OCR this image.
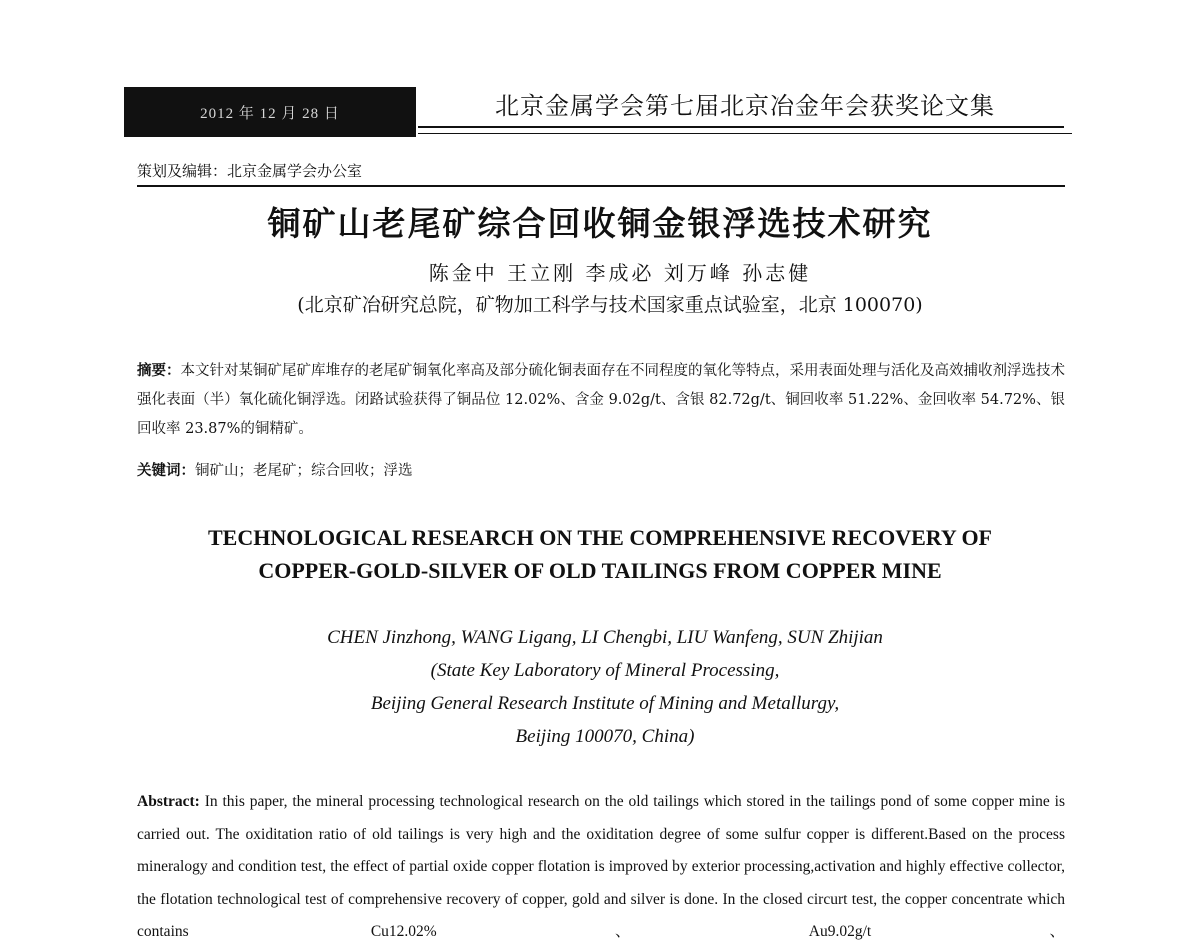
2012 年 12 月 28 日	北京金属学会第七届北京冶金年会获奖论文集
策划及编辑：北京金属学会办公室
铜矿山老尾矿综合回收铜金银浮选技术研究
陈金中 王立刚 李成必 刘万峰 孙志健
(北京矿冶研究总院，矿物加工科学与技术国家重点试验室，北京 100070)
摘要：本文针对某铜矿尾矿库堆存的老尾矿铜氧化率高及部分硫化铜表面存在不同程度的氧化等特点，采用表面处理与活化及高效捕收剂浮选技术强化表面（半）氧化硫化铜浮选。闭路试验获得了铜品位 12.02%、含金 9.02g/t、含银 82.72g/t、铜回收率 51.22%、金回收率 54.72%、银回收率 23.87%的铜精矿。
关键词：铜矿山；老尾矿；综合回收；浮选
TECHNOLOGICAL RESEARCH ON THE COMPREHENSIVE RECOVERY OF
COPPER-GOLD-SILVER OF OLD TAILINGS FROM COPPER MINE
CHEN Jinzhong, WANG Ligang, LI Chengbi, LIU Wanfeng, SUN Zhijian
(State Key Laboratory of Mineral Processing,
Beijing General Research Institute of Mining and Metallurgy,
Beijing 100070, China)
Abstract: In this paper, the mineral processing technological research on the old tailings which stored in the tailings pond of some copper mine is carried out. The oxiditation ratio of old tailings is very high and the oxiditation degree of some sulfur copper is different.Based on the process mineralogy and condition test, the effect of partial oxide copper flotation is improved by exterior processing,activation and highly effective collector, the flotation technological test of comprehensive recovery of copper, gold and silver is done. In the closed circurt test, the copper concentrate which contains Cu12.02%、Au9.02g/t、
